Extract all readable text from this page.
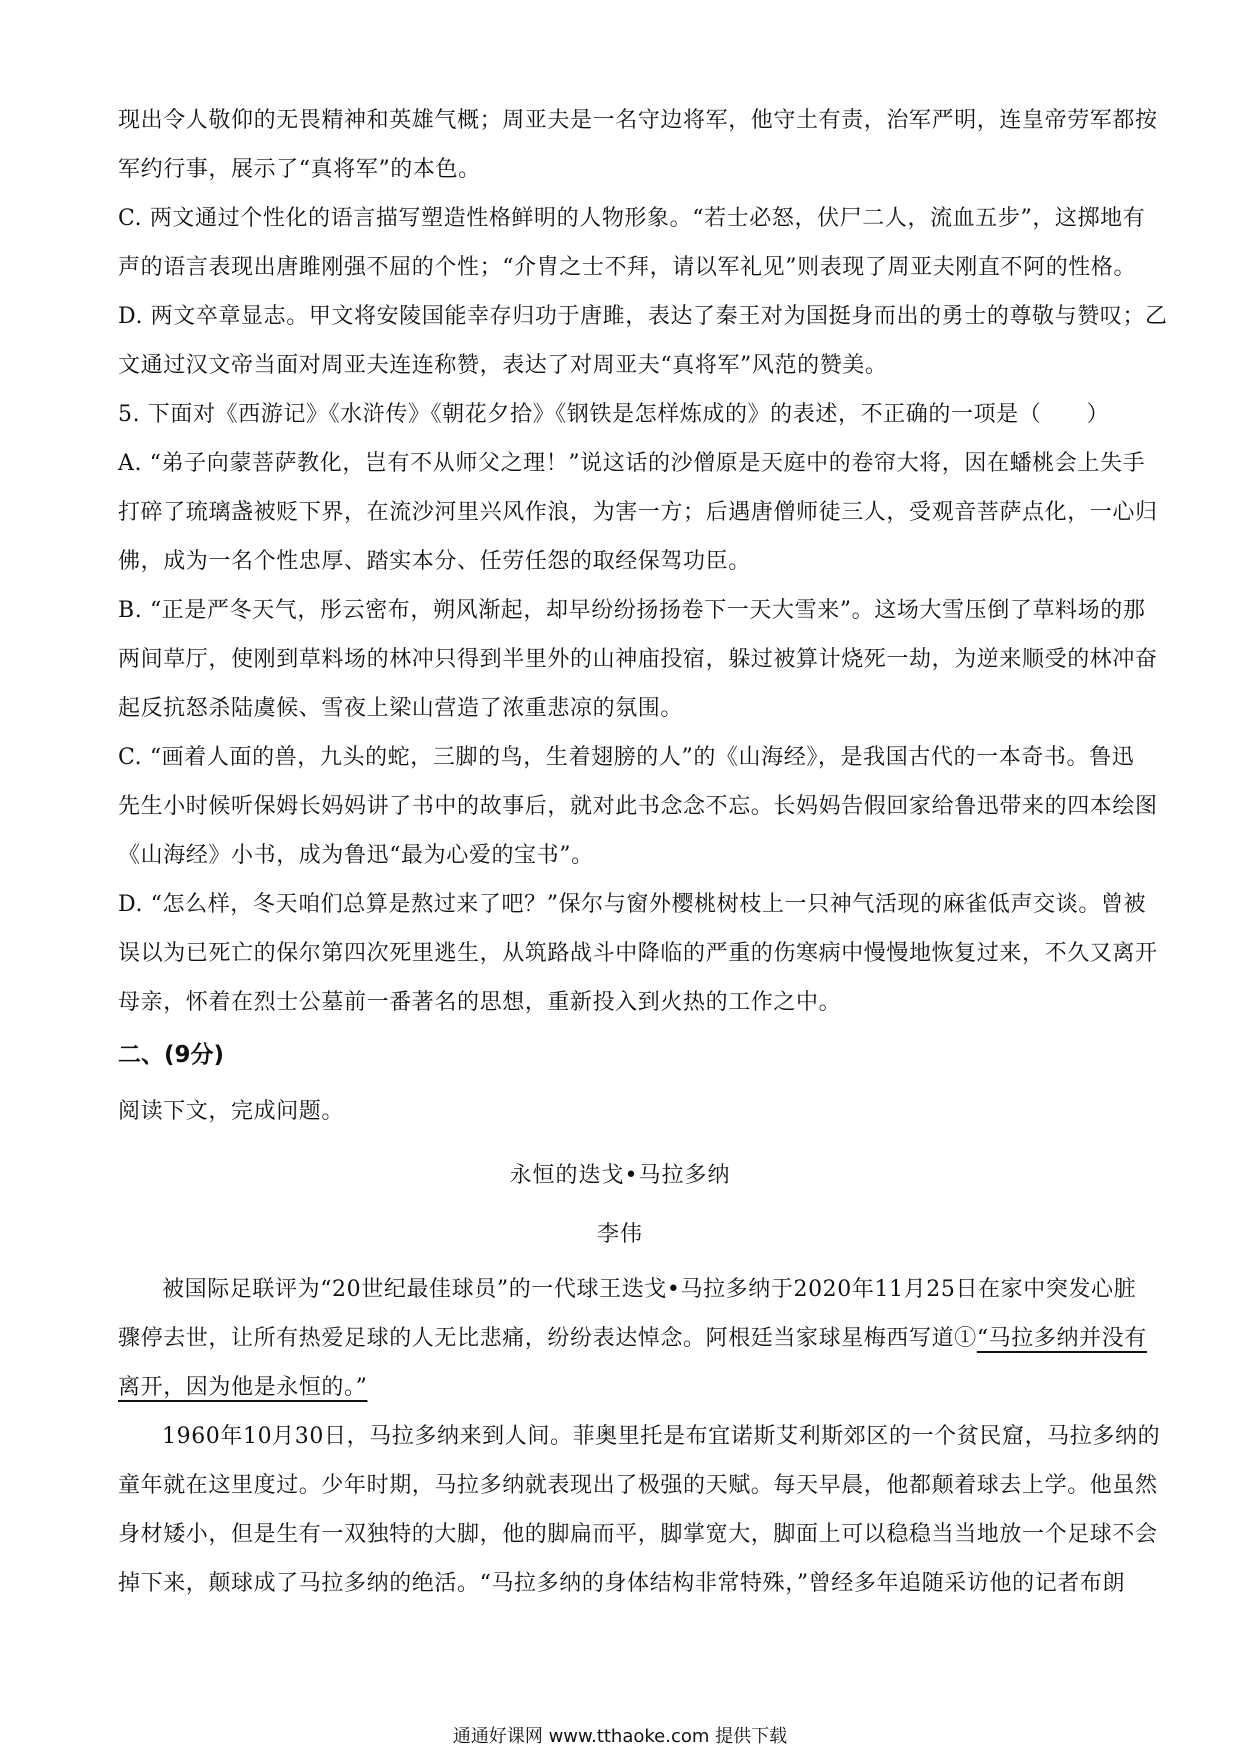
现出令人敬仰的无畏精神和英雄气概；周亚夫是一名守边将军，他守土有责，治军严明，连皇帝劳军都按
军约行事，展示了“真将军”的本色。
C. 两文通过个性化的语言描写塑造性格鲜明的人物形象。“若士必怒，伏尸二人，流血五步”，这掷地有
声的语言表现出唐雎刚强不屈的个性；“介胄之士不拜，请以军礼见”则表现了周亚夫刚直不阿的性格。
D. 两文卒章显志。甲文将安陵国能幸存归功于唐雎，表达了秦王对为国挺身而出的勇士的尊敬与赞叹；乙
文通过汉文帝当面对周亚夫连连称赞，表达了对周亚夫“真将军”风范的赞美。
5. 下面对《西游记》《水浒传》《朝花夕拾》《钢铁是怎样炼成的》的表述，不正确的一项是（　　）
A. “弟子向蒙菩萨教化，岂有不从师父之理！”说这话的沙僧原是天庭中的卷帘大将，因在蟠桃会上失手
打碎了琉璃盏被贬下界，在流沙河里兴风作浪，为害一方；后遇唐僧师徒三人，受观音菩萨点化，一心归
佛，成为一名个性忠厚、踏实本分、任劳任怨的取经保驾功臣。
B. “正是严冬天气，彤云密布，朔风渐起，却早纷纷扬扬卷下一天大雪来”。这场大雪压倒了草料场的那
两间草厅，使刚到草料场的林冲只得到半里外的山神庙投宿，躲过被算计烧死一劫，为逆来顺受的林冲奋
起反抗怒杀陆虞候、雪夜上梁山营造了浓重悲凉的氛围。
C. “画着人面的兽，九头的蛇，三脚的鸟，生着翅膀的人”的《山海经》，是我国古代的一本奇书。鲁迅
先生小时候听保姆长妈妈讲了书中的故事后，就对此书念念不忘。长妈妈告假回家给鲁迅带来的四本绘图
《山海经》小书，成为鲁迅“最为心爱的宝书”。
D. “怎么样，冬天咱们总算是熬过来了吧？”保尔与窗外樱桃树枝上一只神气活现的麻雀低声交谈。曾被
误以为已死亡的保尔第四次死里逃生，从筑路战斗中降临的严重的伤寒病中慢慢地恢复过来，不久又离开
母亲，怀着在烈士公墓前一番著名的思想，重新投入到火热的工作之中。

二、(9分)

阅读下文，完成问题。

永恒的迭戈•马拉多纳

李伟

被国际足联评为“20世纪最佳球员”的一代球王迭戈•马拉多纳于2020年11月25日在家中突发心脏
骤停去世，让所有热爱足球的人无比悲痛，纷纷表达悼念。阿根廷当家球星梅西写道①“马拉多纳并没有
离开，因为他是永恒的。”
1960年10月30日，马拉多纳来到人间。菲奥里托是布宜诺斯艾利斯郊区的一个贫民窟，马拉多纳的
童年就在这里度过。少年时期，马拉多纳就表现出了极强的天赋。每天早晨，他都颠着球去上学。他虽然
身材矮小，但是生有一双独特的大脚，他的脚扁而平，脚掌宽大，脚面上可以稳稳当当地放一个足球不会
掉下来，颠球成了马拉多纳的绝活。“马拉多纳的身体结构非常特殊，”曾经多年追随采访他的记者布朗
通通好课网 www.tthaoke.com 提供下载
